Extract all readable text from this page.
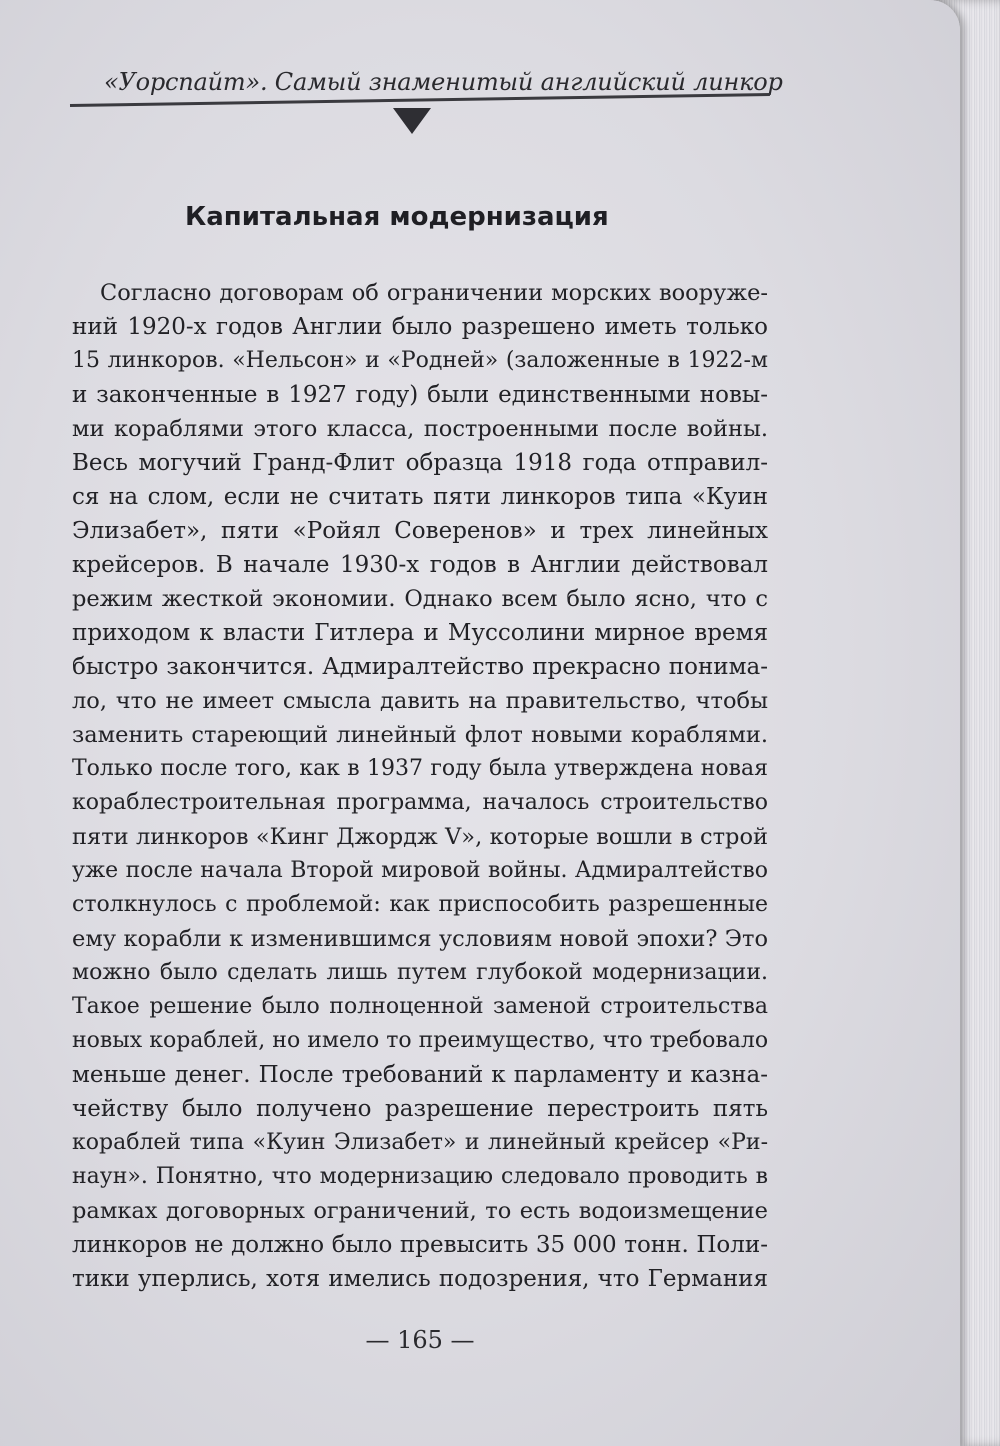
«Уорспайт». Самый знаменитый английский линкор
Капитальная модернизация
Согласно договорам об ограничении морских вооруже-
ний 1920-х годов Англии было разрешено иметь только
15 линкоров. «Нельсон» и «Родней» (заложенные в 1922-м
и законченные в 1927 году) были единственными новы-
ми кораблями этого класса, построенными после войны.
Весь могучий Гранд-Флит образца 1918 года отправил-
ся на слом, если не считать пяти линкоров типа «Куин
Элизабет», пяти «Ройял Соверенов» и трех линейных
крейсеров. В начале 1930-х годов в Англии действовал
режим жесткой экономии. Однако всем было ясно, что с
приходом к власти Гитлера и Муссолини мирное время
быстро закончится. Адмиралтейство прекрасно понима-
ло, что не имеет смысла давить на правительство, чтобы
заменить стареющий линейный флот новыми кораблями.
Только после того, как в 1937 году была утверждена новая
кораблестроительная программа, началось строительство
пяти линкоров «Кинг Джордж V», которые вошли в строй
уже после начала Второй мировой войны. Адмиралтейство
столкнулось с проблемой: как приспособить разрешенные
ему корабли к изменившимся условиям новой эпохи? Это
можно было сделать лишь путем глубокой модернизации.
Такое решение было полноценной заменой строительства
новых кораблей, но имело то преимущество, что требовало
меньше денег. После требований к парламенту и казна-
чейству было получено разрешение перестроить пять
кораблей типа «Куин Элизабет» и линейный крейсер «Ри-
наун». Понятно, что модернизацию следовало проводить в
рамках договорных ограничений, то есть водоизмещение
линкоров не должно было превысить 35 000 тонн. Поли-
тики уперлись, хотя имелись подозрения, что Германия
— 165 —
